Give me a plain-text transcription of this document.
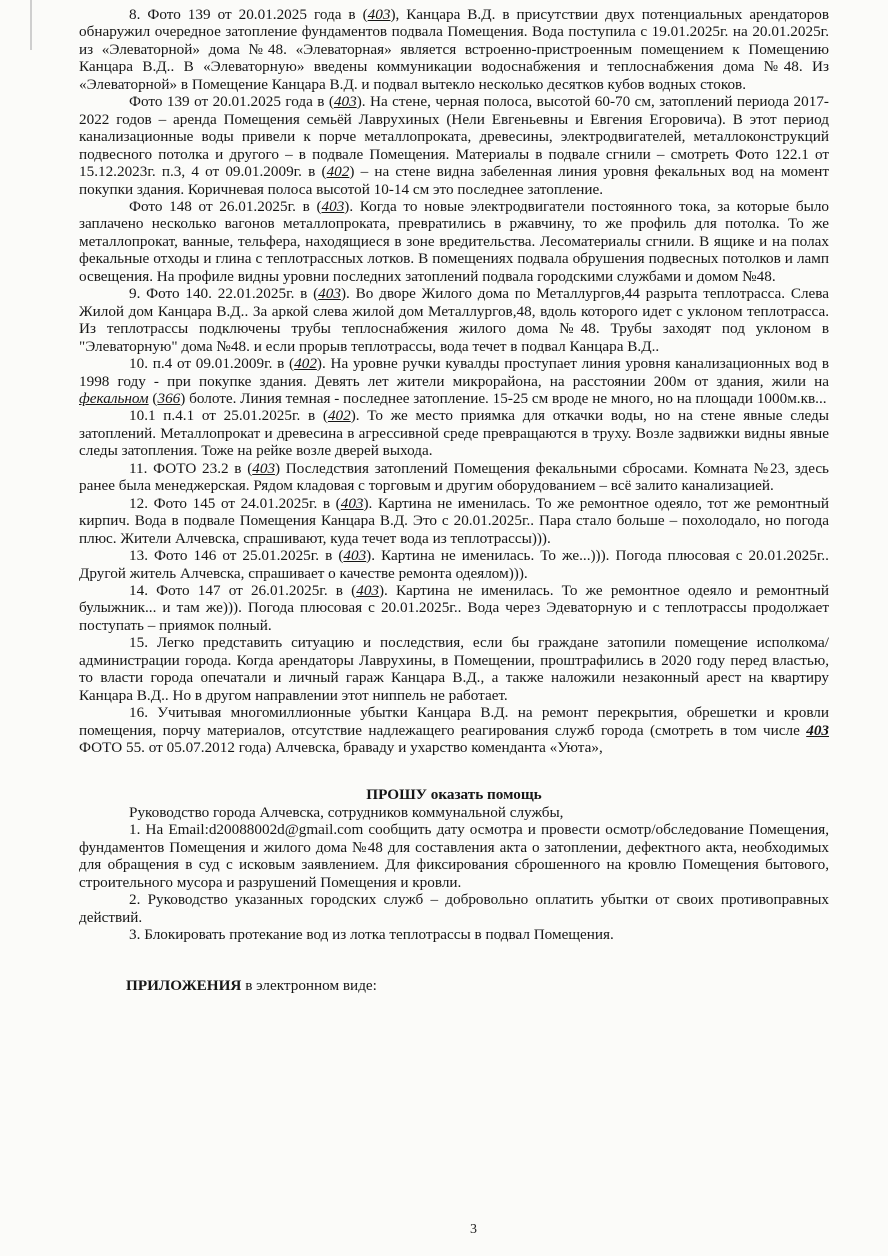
8. Фото 139 от 20.01.2025 года в (403), Канцара В.Д. в присутствии двух потенциальных арендаторов обнаружил очередное затопление фундаментов подвала Помещения. Вода поступила с 19.01.2025г. на 20.01.2025г. из «Элеваторной» дома №48. «Элеваторная» является встроенно-пристроенным помещением к Помещению Канцара В.Д.. В «Элеваторную» введены коммуникации водоснабжения и теплоснабжения дома №48. Из «Элеваторной» в Помещение Канцара В.Д. и подвал вытекло несколько десятков кубов водных стоков.

Фото 139 от 20.01.2025 года в (403). На стене, черная полоса, высотой 60-70 см, затоплений периода 2017-2022 годов – аренда Помещения семьёй Лаврухиных (Нели Евгеньевны и Евгения Егоровича). В этот период канализационные воды привели к порче металлопроката, древесины, электродвигателей, металлоконструкций подвесного потолка и другого – в подвале Помещения. Материалы в подвале сгнили – смотреть Фото 122.1 от 15.12.2023г. п.3, 4 от 09.01.2009г. в (402) – на стене видна забеленная линия уровня фекальных вод на момент покупки здания. Коричневая полоса высотой 10-14 см это последнее затопление.

Фото 148 от 26.01.2025г. в (403). Когда то новые электродвигатели постоянного тока, за которые было заплачено несколько вагонов металлопроката, превратились в ржавчину, то же профиль для потолка. То же металлопрокат, ванные, тельфера, находящиеся в зоне вредительства. Лесоматериалы сгнили. В ящике и на полах фекальные отходы и глина с теплотрассных лотков. В помещениях подвала обрушения подвесных потолков и ламп освещения. На профиле видны уровни последних затоплений подвала городскими службами и домом №48.

9. Фото 140. 22.01.2025г. в (403). Во дворе Жилого дома по Металлургов,44 разрыта теплотрасса. Слева Жилой дом Канцара В.Д.. За аркой слева жилой дом Металлургов,48, вдоль которого идет с уклоном теплотрасса. Из теплотрассы подключены трубы теплоснабжения жилого дома №48. Трубы заходят под уклоном в "Элеваторную" дома №48. и если прорыв теплотрассы, вода течет в подвал Канцара В.Д..

10. п.4 от 09.01.2009г. в (402). На уровне ручки кувалды проступает линия уровня канализационных вод в 1998 году - при покупке здания. Девять лет жители микрорайона, на расстоянии 200м от здания, жили на фекальном (366) болоте. Линия темная - последнее затопление. 15-25 см вроде не много, но на площади 1000м.кв...

10.1 п.4.1 от 25.01.2025г. в (402). То же место приямка для откачки воды, но на стене явные следы затоплений. Металлопрокат и древесина в агрессивной среде превращаются в труху. Возле задвижки видны явные следы затопления. Тоже на рейке возле дверей выхода.

11. ФОТО 23.2 в (403) Последствия затоплений Помещения фекальными сбросами. Комната №23, здесь ранее была менеджерская. Рядом кладовая с торговым и другим оборудованием – всё залито канализацией.

12. Фото 145 от 24.01.2025г. в (403). Картина не именилась. То же ремонтное одеяло, тот же ремонтный кирпич. Вода в подвале Помещения Канцара В.Д. Это с 20.01.2025г.. Пара стало больше – похолодало, но погода плюс. Жители Алчевска, спрашивают, куда течет вода из теплотрассы))).

13. Фото 146 от 25.01.2025г. в (403). Картина не именилась. То же...))). Погода плюсовая с 20.01.2025г.. Другой житель Алчевска, спрашивает о качестве ремонта одеялом))).

14. Фото 147 от 26.01.2025г. в (403). Картина не именилась. То же ремонтное одеяло и ремонтный булыжник... и там же))). Погода плюсовая с 20.01.2025г.. Вода через Эдеваторную и с теплотрассы продолжает поступать – приямок полный.

15. Легко представить ситуацию и последствия, если бы граждане затопили помещение исполкома/администрации города. Когда арендаторы Лаврухины, в Помещении, проштрафились в 2020 году перед властью, то власти города опечатали и личный гараж Канцара В.Д., а также наложили незаконный арест на квартиру Канцара В.Д.. Но в другом направлении этот ниппель не работает.

16. Учитывая многомиллионные убытки Канцара В.Д. на ремонт перекрытия, обрешетки и кровли помещения, порчу материалов, отсутствие надлежащего реагирования служб города (смотреть в том числе 403 ФОТО 55. от 05.07.2012 года) Алчевска, браваду и ухарство коменданта «Уюта»,

ПРОШУ оказать помощь

Руководство города Алчевска, сотрудников коммунальной службы,

1. На Email:d20088002d@gmail.com сообщить дату осмотра и провести осмотр/обследование Помещения, фундаментов Помещения и жилого дома №48 для составления акта о затоплении, дефектного акта, необходимых для обращения в суд с исковым заявлением. Для фиксирования сброшенного на кровлю Помещения бытового, строительного мусора и разрушений Помещения и кровли.

2. Руководство указанных городских служб – добровольно оплатить убытки от своих противоправных действий.

3. Блокировать протекание вод из лотка теплотрассы в подвал Помещения.

ПРИЛОЖЕНИЯ в электронном виде:

3
